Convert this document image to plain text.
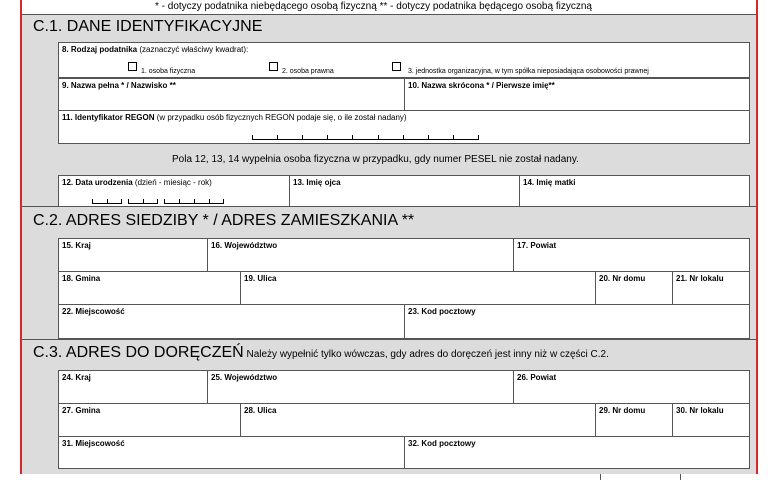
* - dotyczy podatnika niebędącego osobą fizyczną ** - dotyczy podatnika będącego osobą fizyczną
C.1. DANE IDENTYFIKACYJNE
8. Rodzaj podatnika (zaznaczyć właściwy kwadrat):
1. osoba fizyczna	2. osoba prawna	3. jednostka organizacyjna, w tym spółka nieposiadająca osobowości prawnej
9. Nazwa pełna * / Nazwisko **	10. Nazwa skrócona * / Pierwsze imię**
11. Identyfikator REGON (w przypadku osób fizycznych REGON podaje się, o ile został nadany)
Pola 12, 13, 14 wypełnia osoba fizyczna w przypadku, gdy numer PESEL nie został nadany.
12. Data urodzenia (dzień - miesiąc - rok)	13. Imię ojca	14. Imię matki
C.2. ADRES SIEDZIBY * / ADRES ZAMIESZKANIA **
15. Kraj	16. Województwo	17. Powiat
18. Gmina	19. Ulica	20. Nr domu	21. Nr lokalu
22. Miejscowość	23. Kod pocztowy
C.3. ADRES DO DORĘCZEŃ Należy wypełnić tylko wówczas, gdy adres do doręczeń jest inny niż w części C.2.
24. Kraj	25. Województwo	26. Powiat
27. Gmina	28. Ulica	29. Nr domu	30. Nr lokalu
31. Miejscowość	32. Kod pocztowy
